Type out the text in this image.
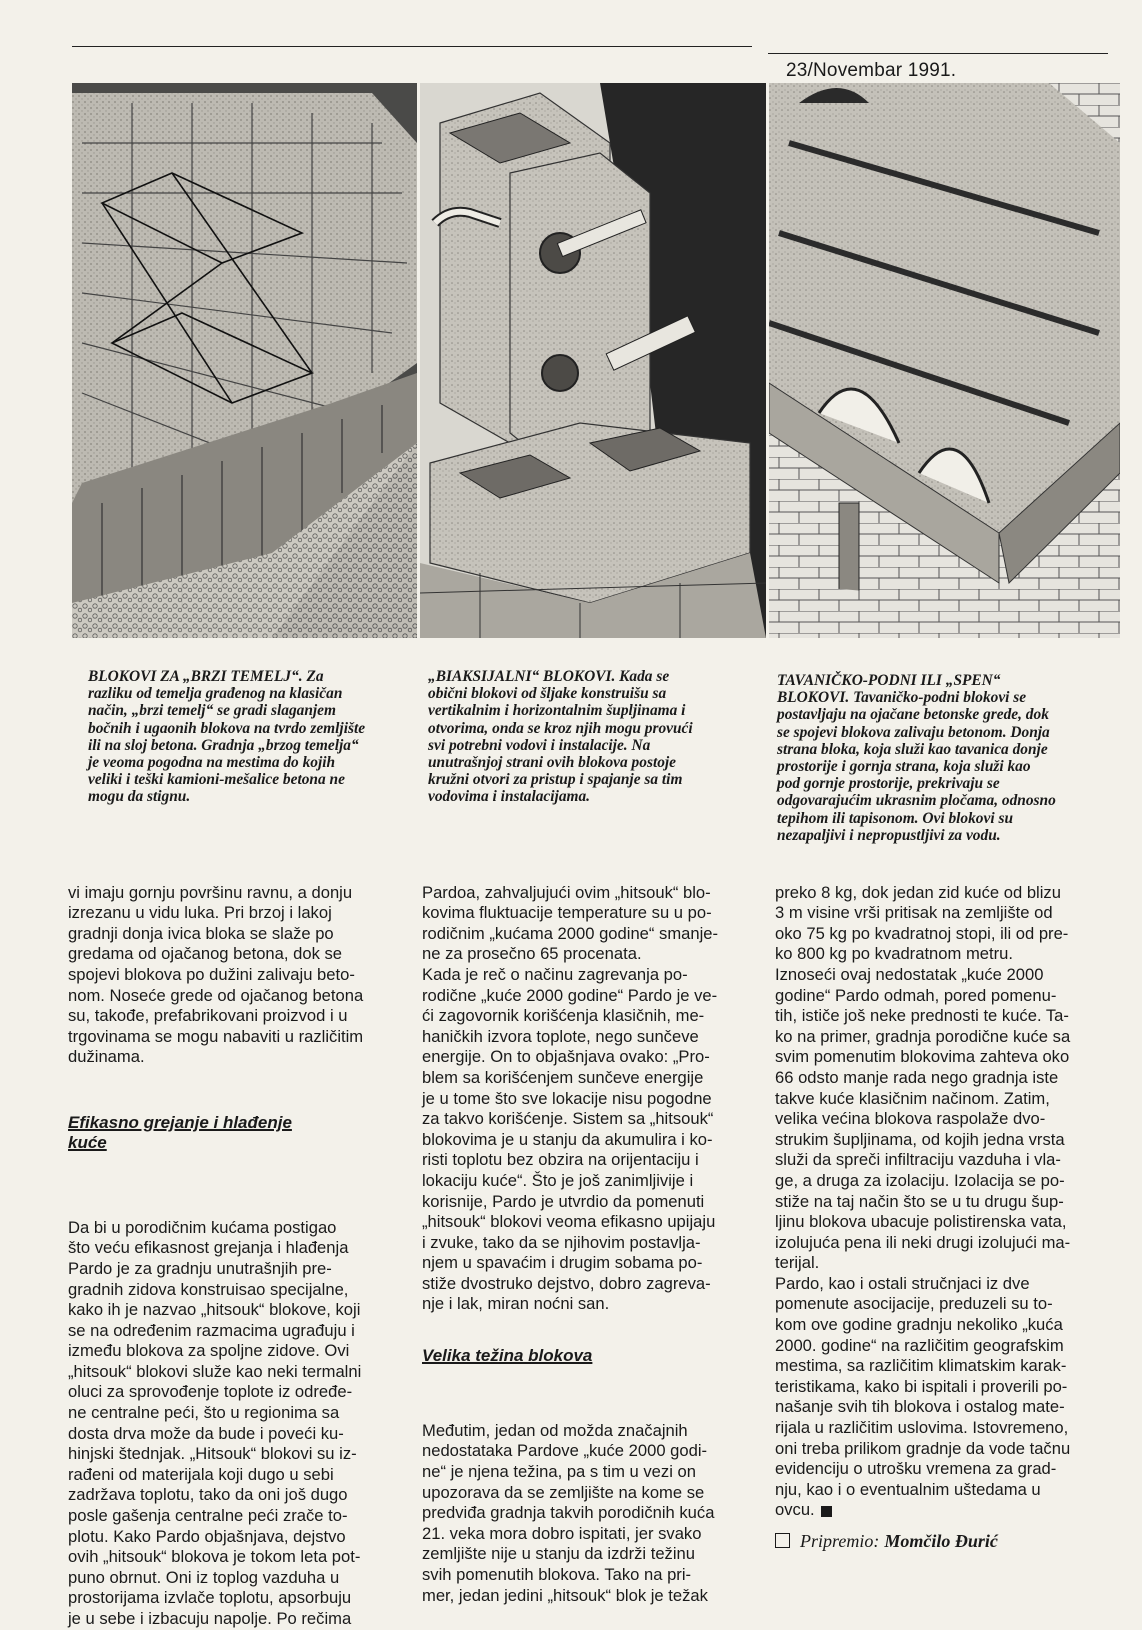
23/Novembar 1991.
BLOKOVI ZA „BRZI TEMELJ“. Za
razliku od temelja građenog na klasičan
način, „brzi temelj“ se gradi slaganjem
bočnih i ugaonih blokova na tvrdo zemljište
ili na sloj betona. Gradnja „brzog temelja“
je veoma pogodna na mestima do kojih
veliki i teški kamioni-mešalice betona ne
mogu da stignu.
„BIAKSIJALNI“ BLOKOVI. Kada se
obični blokovi od šljake konstruišu sa
vertikalnim i horizontalnim šupljinama i
otvorima, onda se kroz njih mogu provući
svi potrebni vodovi i instalacije. Na
unutrašnjoj strani ovih blokova postoje
kružni otvori za pristup i spajanje sa tim
vodovima i instalacijama.
TAVANIČKO-PODNI ILI „SPEN“
BLOKOVI. Tavaničko-podni blokovi se
postavljaju na ojačane betonske grede, dok
se spojevi blokova zalivaju betonom. Donja
strana bloka, koja služi kao tavanica donje
prostorije i gornja strana, koja služi kao
pod gornje prostorije, prekrivaju se
odgovarajućim ukrasnim pločama, odnosno
tepihom ili tapisonom. Ovi blokovi su
nezapaljivi i nepropustljivi za vodu.

vi imaju gornju površinu ravnu, a donju
izrezanu u vidu luka. Pri brzoj i lakoj
gradnji donja ivica bloka se slaže po
gredama od ojačanog betona, dok se
spojevi blokova po dužini zalivaju beto-
nom. Noseće grede od ojačanog betona
su, takođe, prefabrikovani proizvod i u
trgovinama se mogu nabaviti u različitim
dužinama.

Efikasno grejanje i hlađenje
kuće

Da bi u porodičnim kućama postigao
što veću efikasnost grejanja i hlađenja
Pardo je za gradnju unutrašnjih pre-
gradnih zidova konstruisao specijalne,
kako ih je nazvao „hitsouk“ blokove, koji
se na određenim razmacima ugrađuju i
između blokova za spoljne zidove. Ovi
„hitsouk“ blokovi služe kao neki termalni
oluci za sprovođenje toplote iz određe-
ne centralne peći, što u regionima sa
dosta drva može da bude i poveći ku-
hinjski štednjak. „Hitsouk“ blokovi su iz-
rađeni od materijala koji dugo u sebi
zadržava toplotu, tako da oni još dugo
posle gašenja centralne peći zrače to-
plotu. Kako Pardo objašnjava, dejstvo
ovih „hitsouk“ blokova je tokom leta pot-
puno obrnut. Oni iz toplog vazduha u
prostorijama izvlače toplotu, apsorbuju
je u sebe i izbacuju napolje. Po rečima

Pardoa, zahvaljujući ovim „hitsouk“ blo-
kovima fluktuacije temperature su u po-
rodičnim „kućama 2000 godine“ smanje-
ne za prosečno 65 procenata.
Kada je reč o načinu zagrevanja po-
rodične „kuće 2000 godine“ Pardo je ve-
ći zagovornik korišćenja klasičnih, me-
haničkih izvora toplote, nego sunčeve
energije. On to objašnjava ovako: „Pro-
blem sa korišćenjem sunčeve energije
je u tome što sve lokacije nisu pogodne
za takvo korišćenje. Sistem sa „hitsouk“
blokovima je u stanju da akumulira i ko-
risti toplotu bez obzira na orijentaciju i
lokaciju kuće“. Što je još zanimljivije i
korisnije, Pardo je utvrdio da pomenuti
„hitsouk“ blokovi veoma efikasno upijaju
i zvuke, tako da se njihovim postavlja-
njem u spavaćim i drugim sobama po-
stiže dvostruko dejstvo, dobro zagreva-
nje i lak, miran noćni san.

Velika težina blokova

Međutim, jedan od možda značajnih
nedostataka Pardove „kuće 2000 godi-
ne“ je njena težina, pa s tim u vezi on
upozorava da se zemljište na kome se
predviđa gradnja takvih porodičnih kuća
21. veka mora dobro ispitati, jer svako
zemljište nije u stanju da izdrži težinu
svih pomenutih blokova. Tako na pri-
mer, jedan jedini „hitsouk“ blok je težak

preko 8 kg, dok jedan zid kuće od blizu
3 m visine vrši pritisak na zemljište od
oko 75 kg po kvadratnoj stopi, ili od pre-
ko 800 kg po kvadratnom metru.
Iznoseći ovaj nedostatak „kuće 2000
godine“ Pardo odmah, pored pomenu-
tih, ističe još neke prednosti te kuće. Ta-
ko na primer, gradnja porodične kuće sa
svim pomenutim blokovima zahteva oko
66 odsto manje rada nego gradnja iste
takve kuće klasičnim načinom. Zatim,
velika većina blokova raspolaže dvo-
strukim šupljinama, od kojih jedna vrsta
služi da spreči infiltraciju vazduha i vla-
ge, a druga za izolaciju. Izolacija se po-
stiže na taj način što se u tu drugu šup-
ljinu blokova ubacuje polistirenska vata,
izolujuća pena ili neki drugi izolujući ma-
terijal.
Pardo, kao i ostali stručnjaci iz dve
pomenute asocijacije, preduzeli su to-
kom ove godine gradnju nekoliko „kuća
2000. godine“ na različitim geografskim
mestima, sa različitim klimatskim karak-
teristikama, kako bi ispitali i proverili po-
našanje svih tih blokova i ostalog mate-
rijala u različitim uslovima. Istovremeno,
oni treba prilikom gradnje da vode tačnu
evidenciju o utrošku vremena za grad-
nju, kao i o eventualnim uštedama u
ovcu.

Pripremio: Momčilo Đurić
